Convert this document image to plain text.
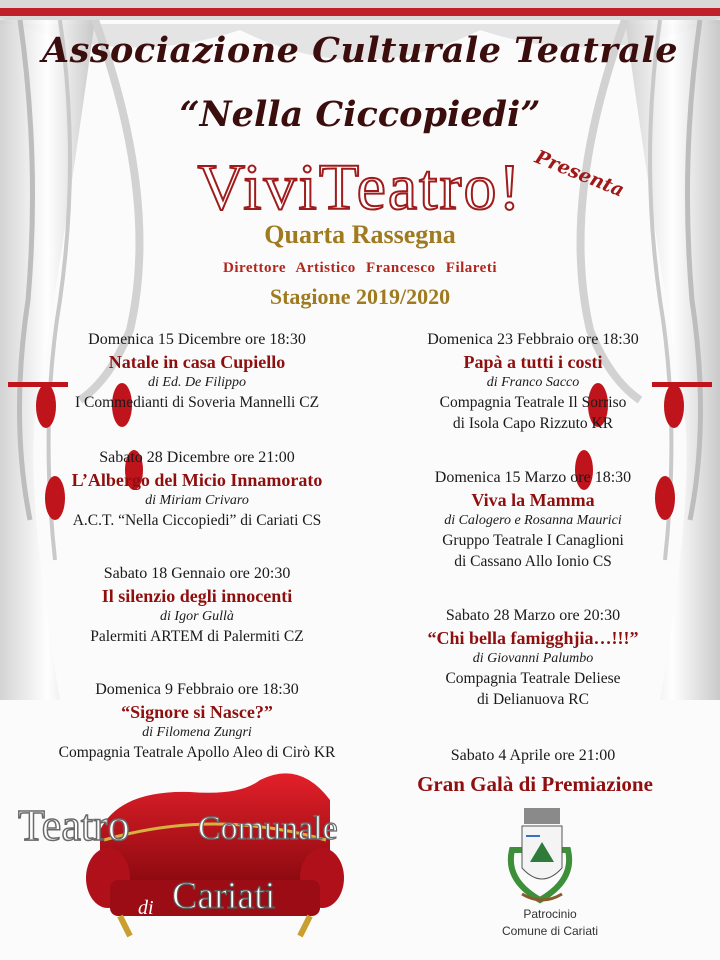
Associazione Culturale Teatrale
“Nella Ciccopiedi”
Presenta
ViviTeatro!
Quarta Rassegna
Direttore Artistico Francesco Filareti
Stagione 2019/2020
Domenica 15 Dicembre ore 18:30
Natale in casa Cupiello
di Ed. De Filippo
I Commedianti di Soveria Mannelli CZ
Sabato 28 Dicembre ore 21:00
L’Albergo del Micio Innamorato
di Miriam Crivaro
A.C.T. “Nella Ciccopiedi” di Cariati CS
Sabato 18 Gennaio ore 20:30
Il silenzio degli innocenti
di Igor Gullà
Palermiti ARTEM di Palermiti CZ
Domenica 9 Febbraio ore 18:30
“Signore si Nasce?”
di Filomena Zungri
Compagnia Teatrale Apollo Aleo di Cirò KR
Domenica 23 Febbraio ore 18:30
Papà a tutti i costi
di Franco Sacco
Compagnia Teatrale Il Sorriso
di Isola Capo Rizzuto KR
Domenica 15 Marzo ore 18:30
Viva la Mamma
di Calogero e Rosanna Maurici
Gruppo Teatrale I Canaglioni
di Cassano Allo Ionio CS
Sabato 28 Marzo ore 20:30
“Chi bella famigghjia…!!!”
di Giovanni Palumbo
Compagnia Teatrale Deliese
di Delianuova RC
Sabato 4 Aprile ore 21:00
Gran Galà di Premiazione
Teatro Comunale
di Cariati	Patrocinio
Comune di Cariati
